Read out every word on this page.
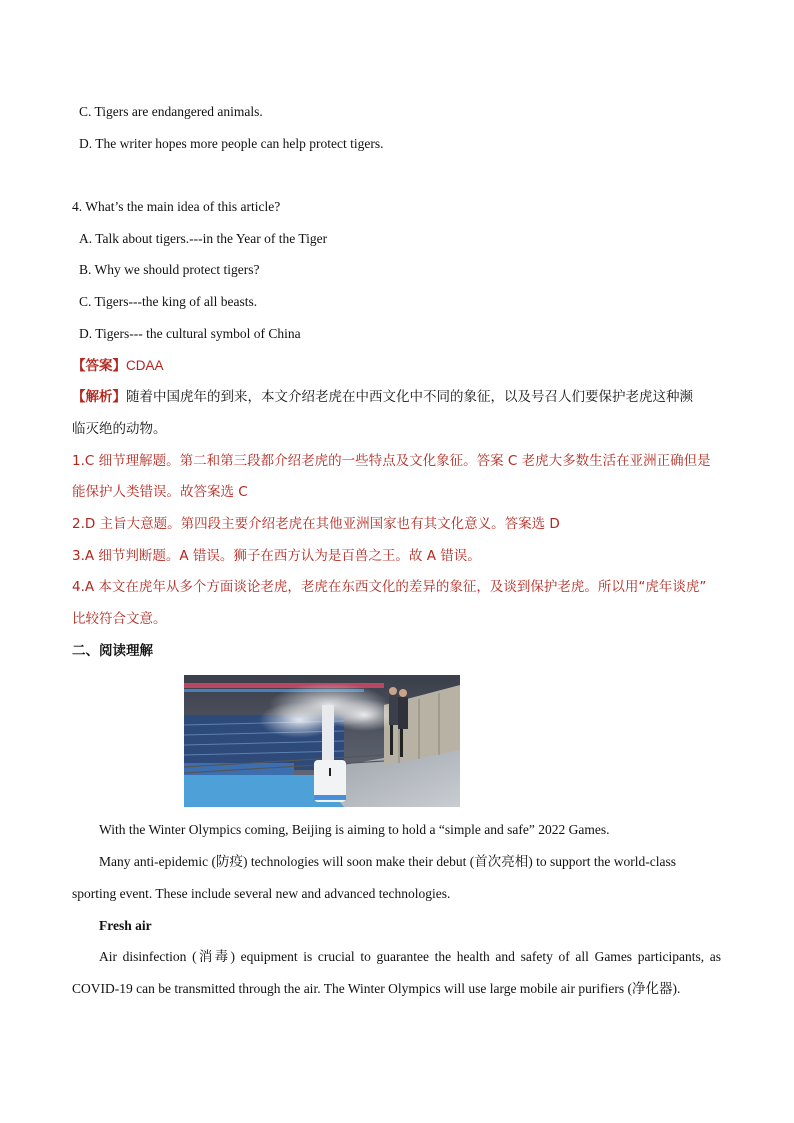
C. Tigers are endangered animals.
D. The writer hopes more people can help protect tigers.
4. What’s the main idea of this article?
A. Talk about tigers.---in the Year of the Tiger
B. Why we should protect tigers?
C. Tigers---the king of all beasts.
D. Tigers--- the cultural symbol of China
【答案】CDAA
【解析】随着中国虎年的到来，本文介绍老虎在中西文化中不同的象征，以及号召人们要保护老虎这种濒
临灭绝的动物。
1.C 细节理解题。第二和第三段都介绍老虎的一些特点及文化象征。答案 C 老虎大多数生活在亚洲正确但是
能保护人类错误。故答案选 C
2.D 主旨大意题。第四段主要介绍老虎在其他亚洲国家也有其文化意义。答案选 D
3.A 细节判断题。A 错误。狮子在西方认为是百兽之王。故 A 错误。
4.A 本文在虎年从多个方面谈论老虎，老虎在东西文化的差异的象征，及谈到保护老虎。所以用“虎年谈虎”
比较符合文意。
二、阅读理解
With the Winter Olympics coming, Beijing is aiming to hold a “simple and safe” 2022 Games.
Many anti-epidemic (防疫) technologies will soon make their debut (首次亮相) to support the world-class
sporting event. These include several new and advanced technologies.
Fresh air
Air disinfection (消毒) equipment is crucial to guarantee the health and safety of all Games participants, as
COVID-19 can be transmitted through the air. The Winter Olympics will use large mobile air purifiers (净化器).
